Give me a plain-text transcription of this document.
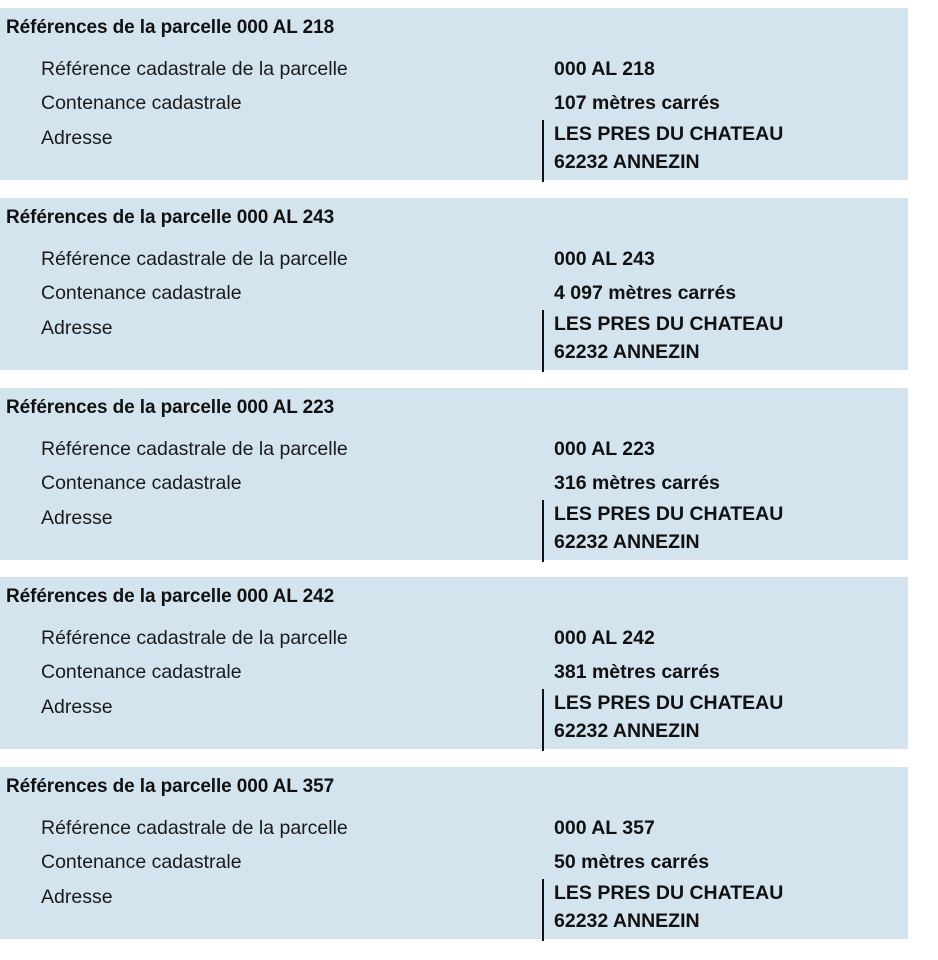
Références de la parcelle 000 AL 218
Référence cadastrale de la parcelle	000 AL 218
Contenance cadastrale	107 mètres carrés
Adresse	LES PRES DU CHATEAU
62232 ANNEZIN
Références de la parcelle 000 AL 243
Référence cadastrale de la parcelle	000 AL 243
Contenance cadastrale	4 097 mètres carrés
Adresse	LES PRES DU CHATEAU
62232 ANNEZIN
Références de la parcelle 000 AL 223
Référence cadastrale de la parcelle	000 AL 223
Contenance cadastrale	316 mètres carrés
Adresse	LES PRES DU CHATEAU
62232 ANNEZIN
Références de la parcelle 000 AL 242
Référence cadastrale de la parcelle	000 AL 242
Contenance cadastrale	381 mètres carrés
Adresse	LES PRES DU CHATEAU
62232 ANNEZIN
Références de la parcelle 000 AL 357
Référence cadastrale de la parcelle	000 AL 357
Contenance cadastrale	50 mètres carrés
Adresse	LES PRES DU CHATEAU
62232 ANNEZIN
